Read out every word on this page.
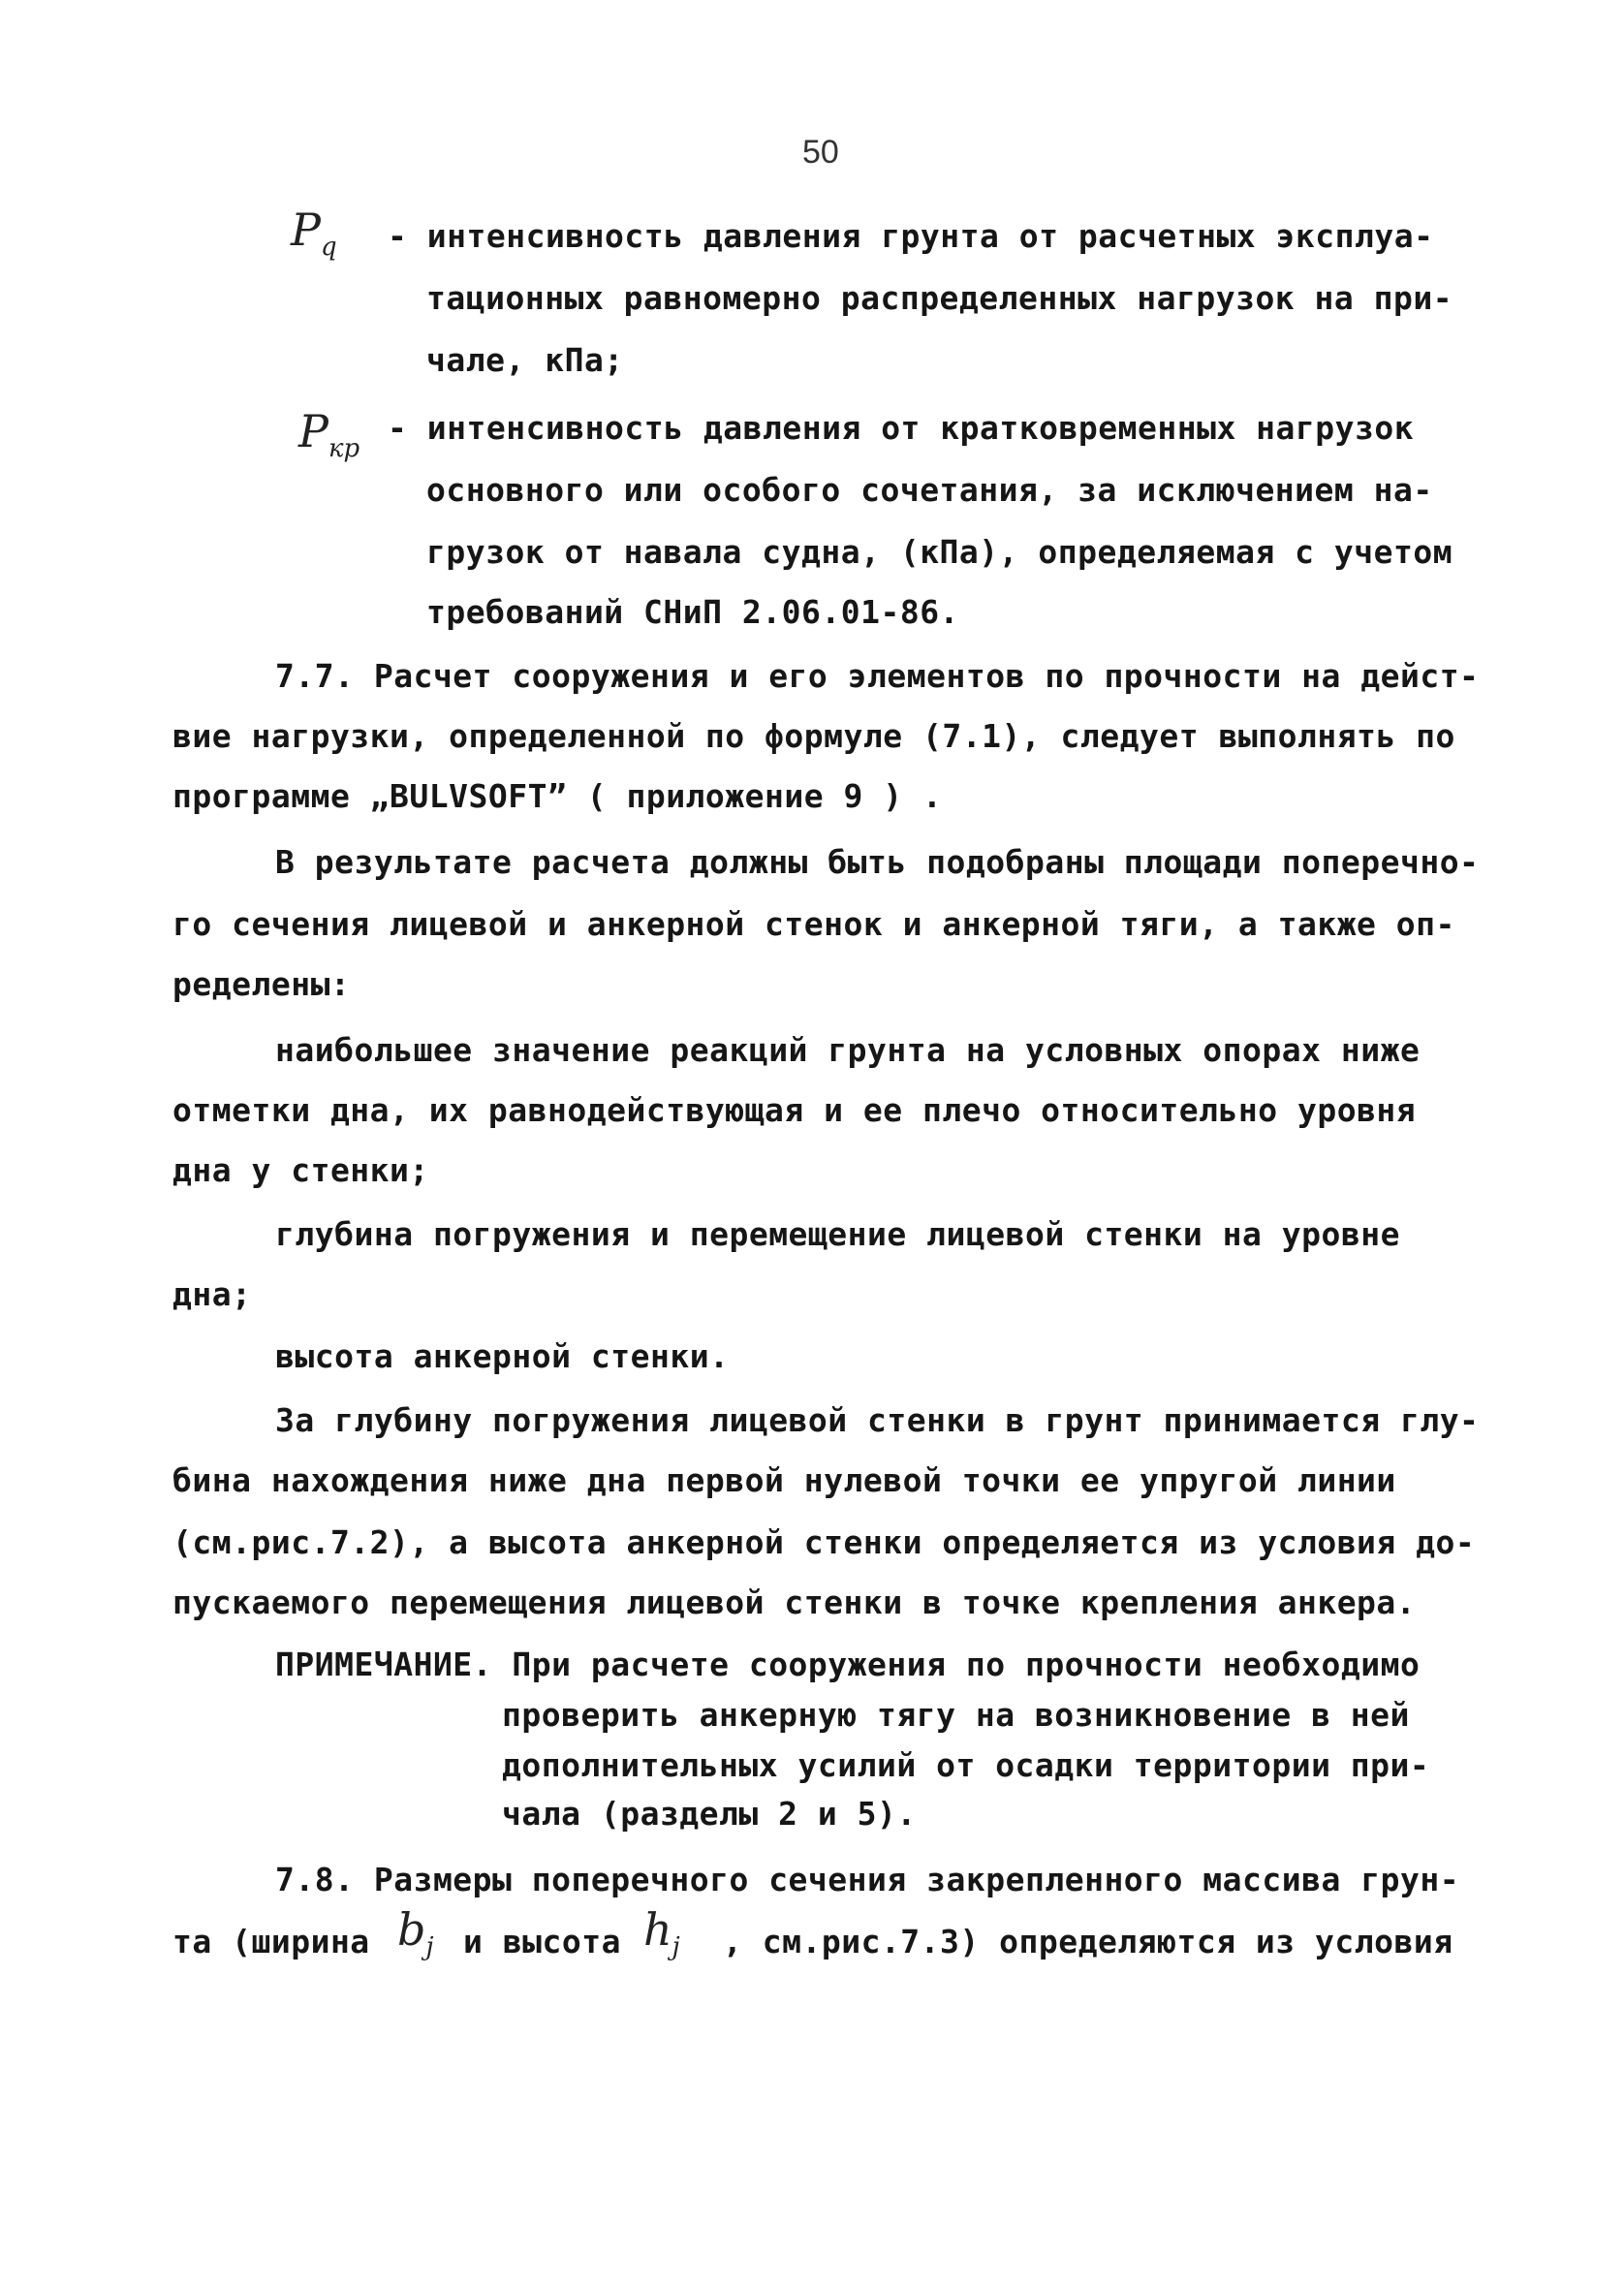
50
$P_q$ - интенсивность давления грунта от расчетных эксплуа-
тационных равномерно распределенных нагрузок на при-
чале, кПа;
$P_{кр}$
- интенсивность давления от кратковременных нагрузок
основного или особого сочетания, за исключением на-
грузок от навала судна, (кПа), определяемая с учетом
требований СНиП 2.06.01-86.
7.7. Расчет сооружения и его элементов по прочности на дейст-
вие нагрузки, определенной по формуле (7.1), следует выполнять по
программе „BULVSOFT” ( приложение 9 ) .
В результате расчета должны быть подобраны площади поперечно-
го сечения лицевой и анкерной стенок и анкерной тяги, а также оп-
ределены:
наибольшее значение реакций грунта на условных опорах ниже
отметки дна, их равнодействующая и ее плечо относительно уровня
дна у стенки;
глубина погружения и перемещение лицевой стенки на уровне
дна;
высота анкерной стенки.
За глубину погружения лицевой стенки в грунт принимается глу-
бина нахождения ниже дна первой нулевой точки ее упругой линии
(см.рис.7.2), а высота анкерной стенки определяется из условия до-
пускаемого перемещения лицевой стенки в точке крепления анкера.
ПРИМЕЧАНИЕ. При расчете сооружения по прочности необходимо
проверить анкерную тягу на возникновение в ней
дополнительных усилий от осадки территории при-
чала (разделы 2 и 5).
7.8. Размеры поперечного сечения закрепленного массива грун-
та (ширина $b_j$ и высота $h_j$ , см.рис.7.3) определяются из условия
